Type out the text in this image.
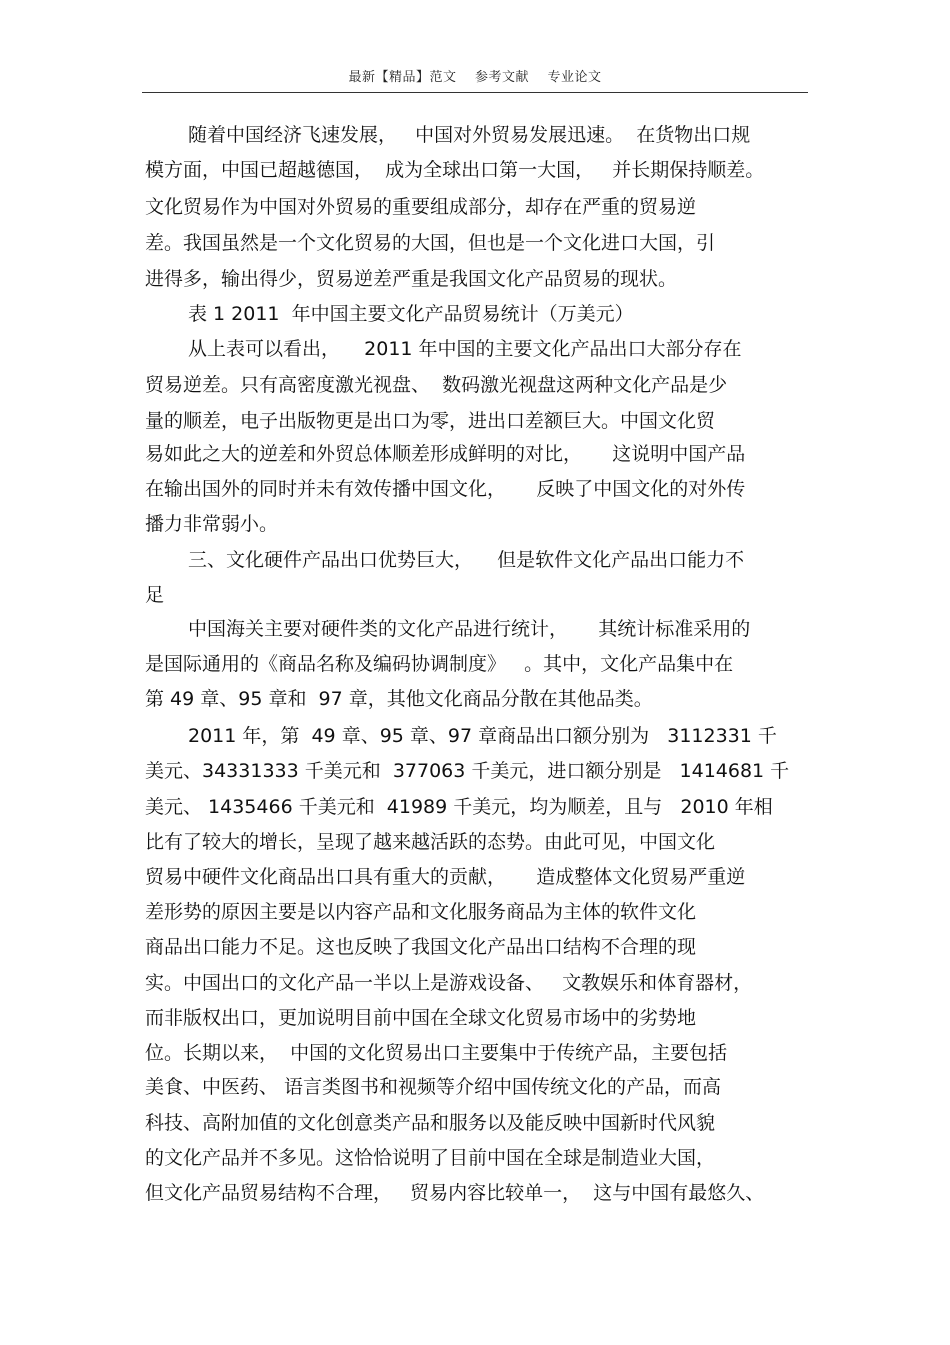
最新【精品】范文    参考文献    专业论文
随着中国经济飞速发展，   中国对外贸易发展迅速。  在货物出口规
模方面，中国已超越德国，  成为全球出口第一大国，   并长期保持顺差。
文化贸易作为中国对外贸易的重要组成部分，却存在严重的贸易逆
差。我国虽然是一个文化贸易的大国，但也是一个文化进口大国，引
进得多，输出得少，贸易逆差严重是我国文化产品贸易的现状。
表 1 2011  年中国主要文化产品贸易统计（万美元）
从上表可以看出，    2011 年中国的主要文化产品出口大部分存在
贸易逆差。只有高密度激光视盘、  数码激光视盘这两种文化产品是少
量的顺差，电子出版物更是出口为零，进出口差额巨大。中国文化贸
易如此之大的逆差和外贸总体顺差形成鲜明的对比，     这说明中国产品
在输出国外的同时并未有效传播中国文化，     反映了中国文化的对外传
播力非常弱小。
三、文化硬件产品出口优势巨大，    但是软件文化产品出口能力不
足
中国海关主要对硬件类的文化产品进行统计，     其统计标准采用的
是国际通用的《商品名称及编码协调制度》   。其中，文化产品集中在
第 49 章、95 章和  97 章，其他文化商品分散在其他品类。
2011 年，第  49 章、95 章、97 章商品出口额分别为   3112331 千
美元、34331333 千美元和  377063 千美元，进口额分别是   1414681 千
美元、 1435466 千美元和  41989 千美元，均为顺差，且与   2010 年相
比有了较大的增长，呈现了越来越活跃的态势。由此可见，中国文化
贸易中硬件文化商品出口具有重大的贡献，     造成整体文化贸易严重逆
差形势的原因主要是以内容产品和文化服务商品为主体的软件文化
商品出口能力不足。这也反映了我国文化产品出口结构不合理的现
实。中国出口的文化产品一半以上是游戏设备、   文教娱乐和体育器材，
而非版权出口，更加说明目前中国在全球文化贸易市场中的劣势地
位。长期以来，  中国的文化贸易出口主要集中于传统产品，主要包括
美食、中医药、 语言类图书和视频等介绍中国传统文化的产品，而高
科技、高附加值的文化创意类产品和服务以及能反映中国新时代风貌
的文化产品并不多见。这恰恰说明了目前中国在全球是制造业大国，
但文化产品贸易结构不合理，   贸易内容比较单一，  这与中国有最悠久、
